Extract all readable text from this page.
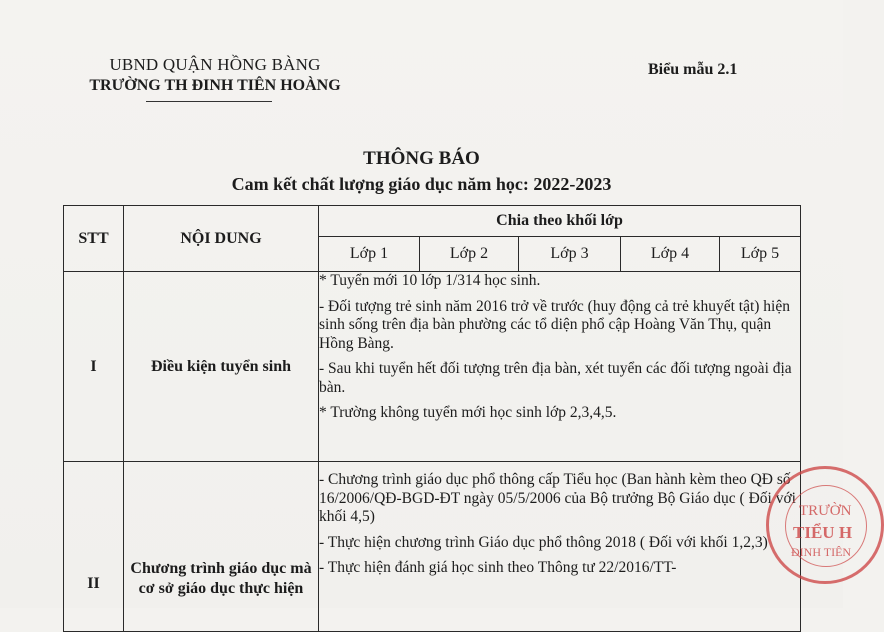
UBND QUẬN HỒNG BÀNG
TRƯỜNG TH ĐINH TIÊN HOÀNG
Biểu mẫu 2.1
THÔNG BÁO
Cam kết chất lượng giáo dục năm học: 2022-2023
STT	NỘI DUNG	Chia theo khối lớp				
		Lớp 1	Lớp 2	Lớp 3	Lớp 4	Lớp 5
I	Điều kiện tuyển sinh	* Tuyển mới 10 lớp 1/314 học sinh.

- Đối tượng trẻ sinh năm 2016 trở về trước (huy động cả trẻ khuyết tật) hiện sinh sống trên địa bàn phường các tổ diện phổ cập Hoàng Văn Thụ, quận Hồng Bàng.

- Sau khi tuyển hết đối tượng trên địa bàn, xét tuyển các đối tượng ngoài địa bàn.

* Trường không tuyển mới học sinh lớp 2,3,4,5.				

II	Chương trình giáo dục mà cơ sở giáo dục thực hiện	- Chương trình giáo dục phổ thông cấp Tiểu học (Ban hành kèm theo QĐ số 16/2006/QĐ-BGD-ĐT ngày 05/5/2006 của Bộ trưởng Bộ Giáo dục ( Đối với khối 4,5)

- Thực hiện chương trình Giáo dục phổ thông 2018 ( Đối với khối 1,2,3)

- Thực hiện đánh giá học sinh theo Thông tư 22/2016/TT-				

TRƯỜN
TIỂU H
ĐINH TIÊN
